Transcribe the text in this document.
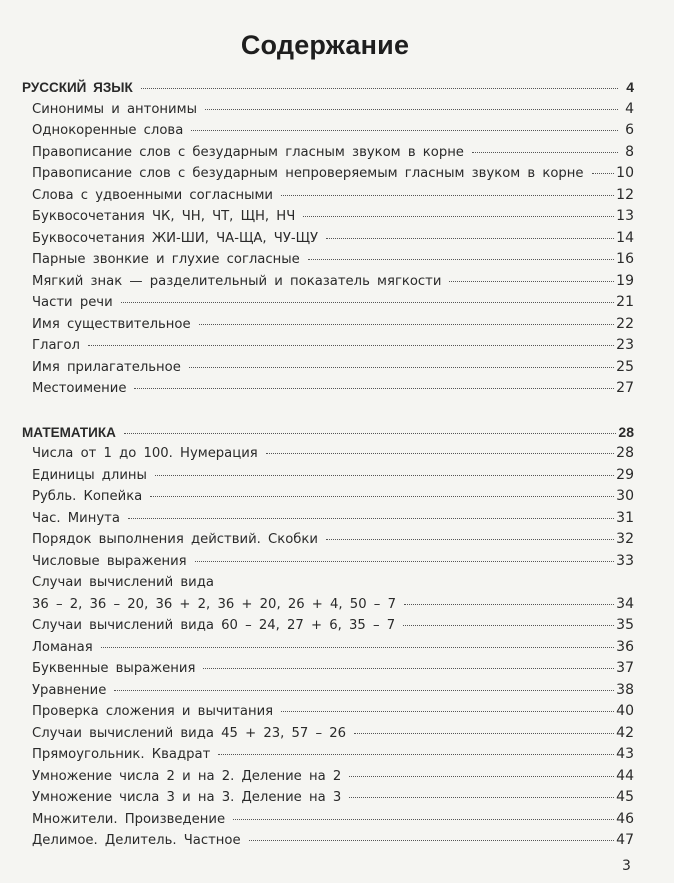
Содержание
РУССКИЙ ЯЗЫК	4
Синонимы и антонимы	4
Однокоренные слова	6
Правописание слов с безударным гласным звуком в корне	8
Правописание слов с безударным непроверяемым гласным звуком в корне 10
Слова с удвоенными согласными	12
Буквосочетания ЧК, ЧН, ЧТ, ЩН, НЧ	13
Буквосочетания ЖИ-ШИ, ЧА-ЩА, ЧУ-ЩУ	14
Парные звонкие и глухие согласные	16
Мягкий знак — разделительный и показатель мягкости	19
Части речи	21
Имя существительное	22
Глагол	23
Имя прилагательное	25
Местоимение	27
МАТЕМАТИКА	28
Числа от 1 до 100. Нумерация	28
Единицы длины	29
Рубль. Копейка	30
Час. Минута	31
Порядок выполнения действий. Скобки	32
Числовые выражения	33
Случаи вычислений вида
36 – 2, 36 – 20, 36 + 2, 36 + 20, 26 + 4, 50 – 7	34
Случаи вычислений вида 60 – 24, 27 + 6, 35 – 7	35
Ломаная	36
Буквенные выражения	37
Уравнение	38
Проверка сложения и вычитания	40
Случаи вычислений вида 45 + 23, 57 – 26	42
Прямоугольник. Квадрат	43
Умножение числа 2 и на 2. Деление на 2	44
Умножение числа 3 и на 3. Деление на 3	45
Множители. Произведение	46
Делимое. Делитель. Частное	47
3
